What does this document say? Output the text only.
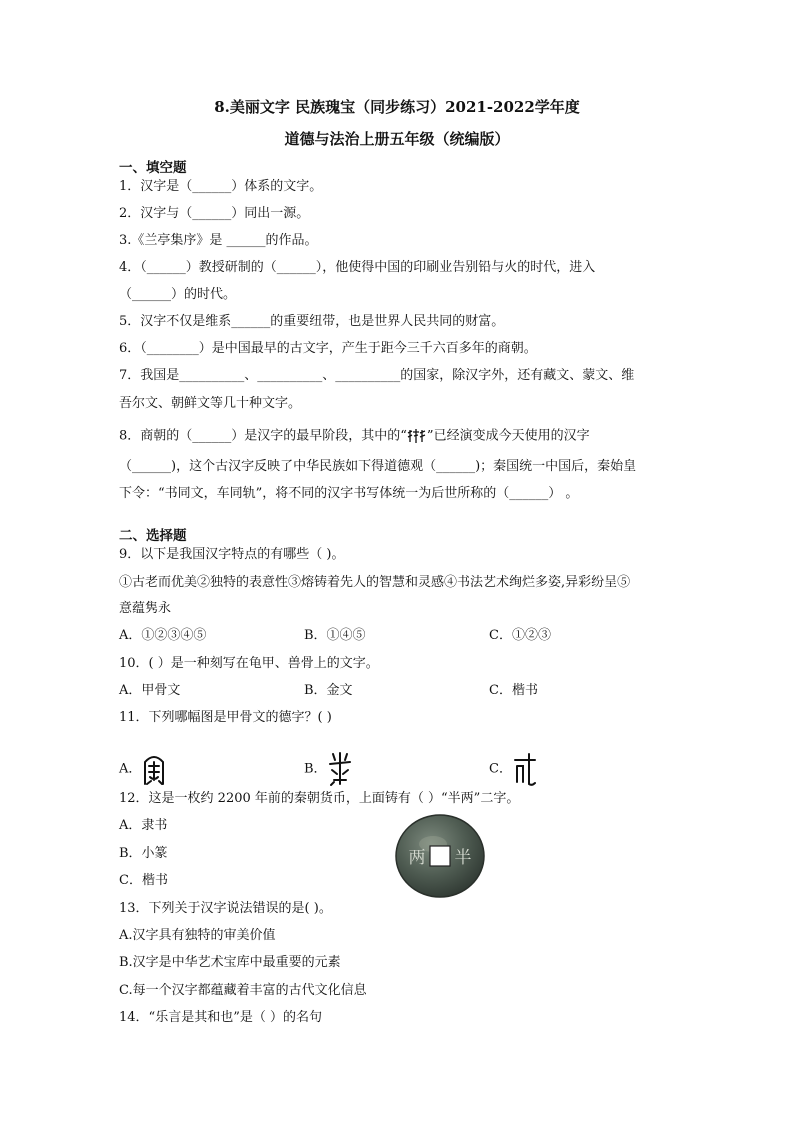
8.美丽文字 民族瑰宝（同步练习）2021-2022学年度
道德与法治上册五年级（统编版）
一、填空题
1．汉字是（______）体系的文字。
2．汉字与（______）同出一源。
3.《兰亭集序》是 ______的作品。
4．（______）教授研制的（______），他使得中国的印刷业告别铅与火的时代，进入
（______）的时代。
5．汉字不仅是维系______的重要纽带，也是世界人民共同的财富。
6．（________）是中国最早的古文字，产生于距今三千六百多年的商朝。
7．我国是__________、__________、__________的国家，除汉字外，还有藏文、蒙文、维
吾尔文、朝鲜文等几十种文字。
8．商朝的（______）是汉字的最早阶段，其中的“ ”已经演变成今天使用的汉字
（______)，这个古汉字反映了中华民族如下得道德观（______)；秦国统一中国后，秦始皇
下令：“书同文，车同轨”，将不同的汉字书写体统一为后世所称的（______） 。
二、选择题
9．以下是我国汉字特点的有哪些（ )。
①古老而优美②独特的表意性③熔铸着先人的智慧和灵感④书法艺术绚烂多姿,异彩纷呈⑤
意蕴隽永
A．①②③④⑤	B．①④⑤	C．①②③
10．( ）是一种刻写在龟甲、兽骨上的文字。
A．甲骨文	B．金文	C．楷书
11．下列哪幅图是甲骨文的德字？( )
A．	B．	C．
12．这是一枚约 2200 年前的秦朝货币，上面铸有（ ）“半两”二字。
A．隶书
B．小篆
C．楷书
半
两
13．下列关于汉字说法错误的是( )。
A.汉字具有独特的审美价值
B.汉字是中华艺术宝库中最重要的元素
C.每一个汉字都蕴藏着丰富的古代文化信息
14．“乐言是其和也”是（ ）的名句
